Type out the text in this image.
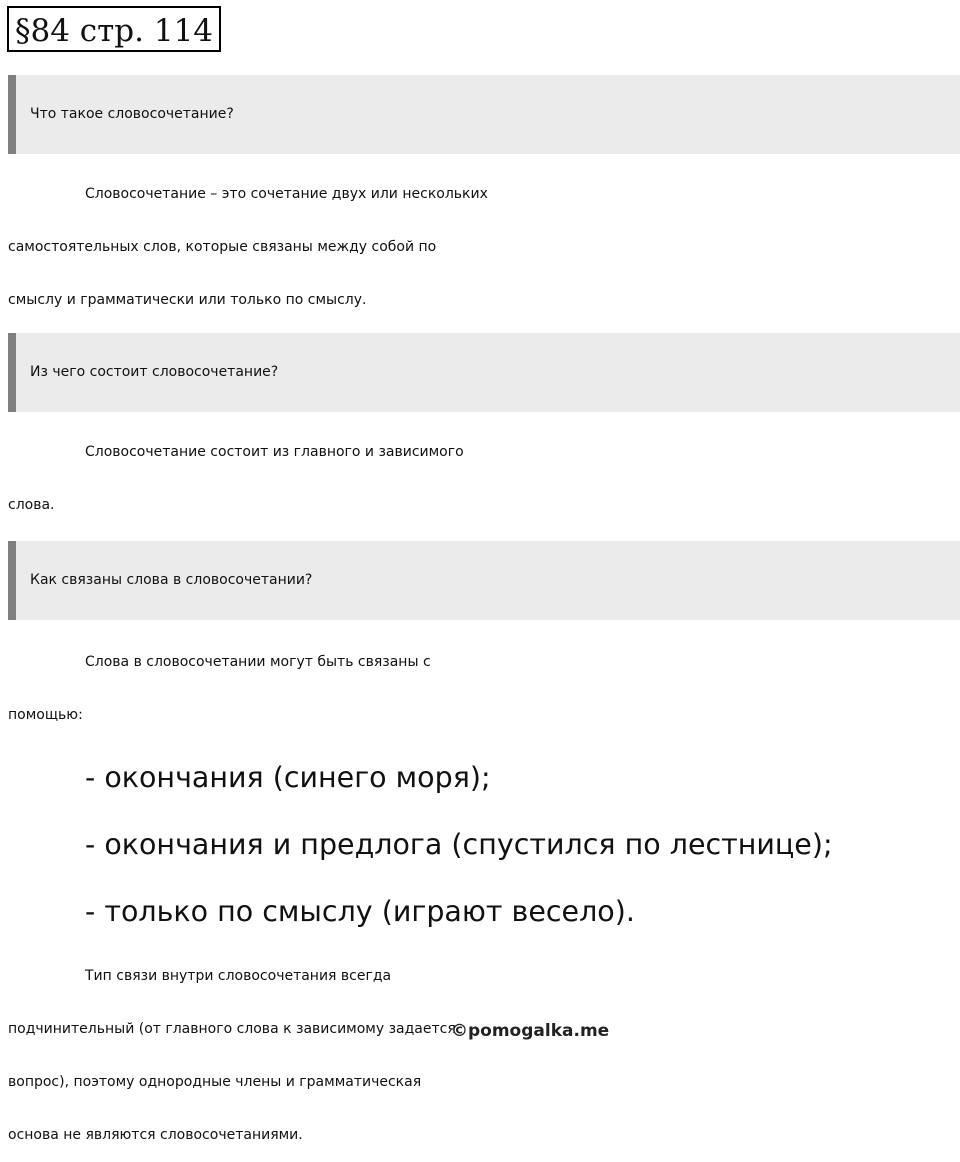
§84 стр. 114
Что такое словосочетание?

Словосочетание – это сочетание двух или нескольких
самостоятельных слов, которые связаны между собой по
смыслу и грамматически или только по смыслу.

Из чего состоит словосочетание?

Словосочетание состоит из главного и зависимого
слова.

Как связаны слова в словосочетании?

Слова в словосочетании могут быть связаны с
помощью:

- окончания (синего моря);
- окончания и предлога (спустился по лестнице);
- только по смыслу (играют весело).

Тип связи внутри словосочетания всегда
подчинительный (от главного слова к зависимому задается
вопрос), поэтому однородные члены и грамматическая
основа не являются словосочетаниями.

©pomogalka.me
